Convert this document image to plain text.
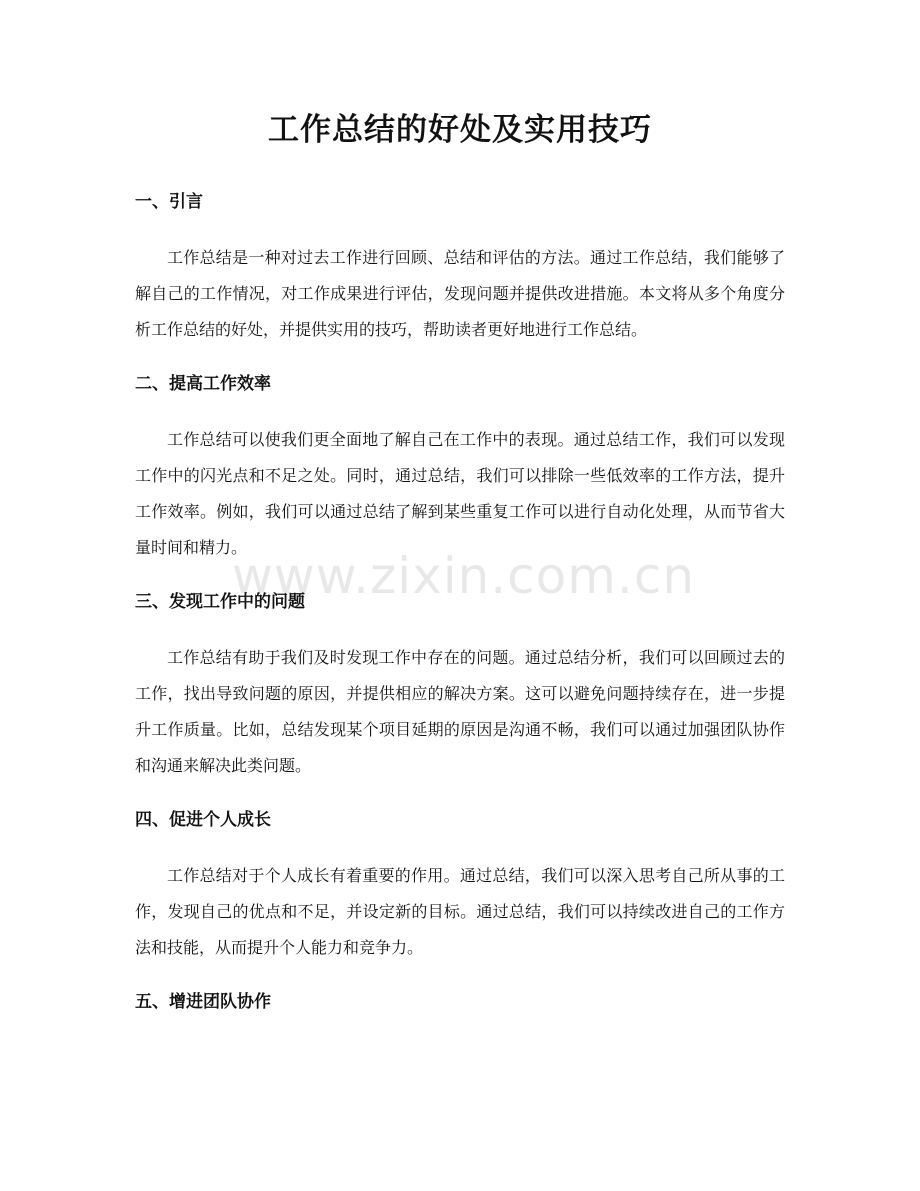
工作总结的好处及实用技巧
一、引言

工作总结是一种对过去工作进行回顾、总结和评估的方法。通过工作总结，我们能够了解自己的工作情况，对工作成果进行评估，发现问题并提供改进措施。本文将从多个角度分析工作总结的好处，并提供实用的技巧，帮助读者更好地进行工作总结。

二、提高工作效率

工作总结可以使我们更全面地了解自己在工作中的表现。通过总结工作，我们可以发现工作中的闪光点和不足之处。同时，通过总结，我们可以排除一些低效率的工作方法，提升工作效率。例如，我们可以通过总结了解到某些重复工作可以进行自动化处理，从而节省大量时间和精力。

三、发现工作中的问题

工作总结有助于我们及时发现工作中存在的问题。通过总结分析，我们可以回顾过去的工作，找出导致问题的原因，并提供相应的解决方案。这可以避免问题持续存在，进一步提升工作质量。比如，总结发现某个项目延期的原因是沟通不畅，我们可以通过加强团队协作和沟通来解决此类问题。

四、促进个人成长

工作总结对于个人成长有着重要的作用。通过总结，我们可以深入思考自己所从事的工作，发现自己的优点和不足，并设定新的目标。通过总结，我们可以持续改进自己的工作方法和技能，从而提升个人能力和竞争力。

五、增进团队协作
www.zixin.com.cn
